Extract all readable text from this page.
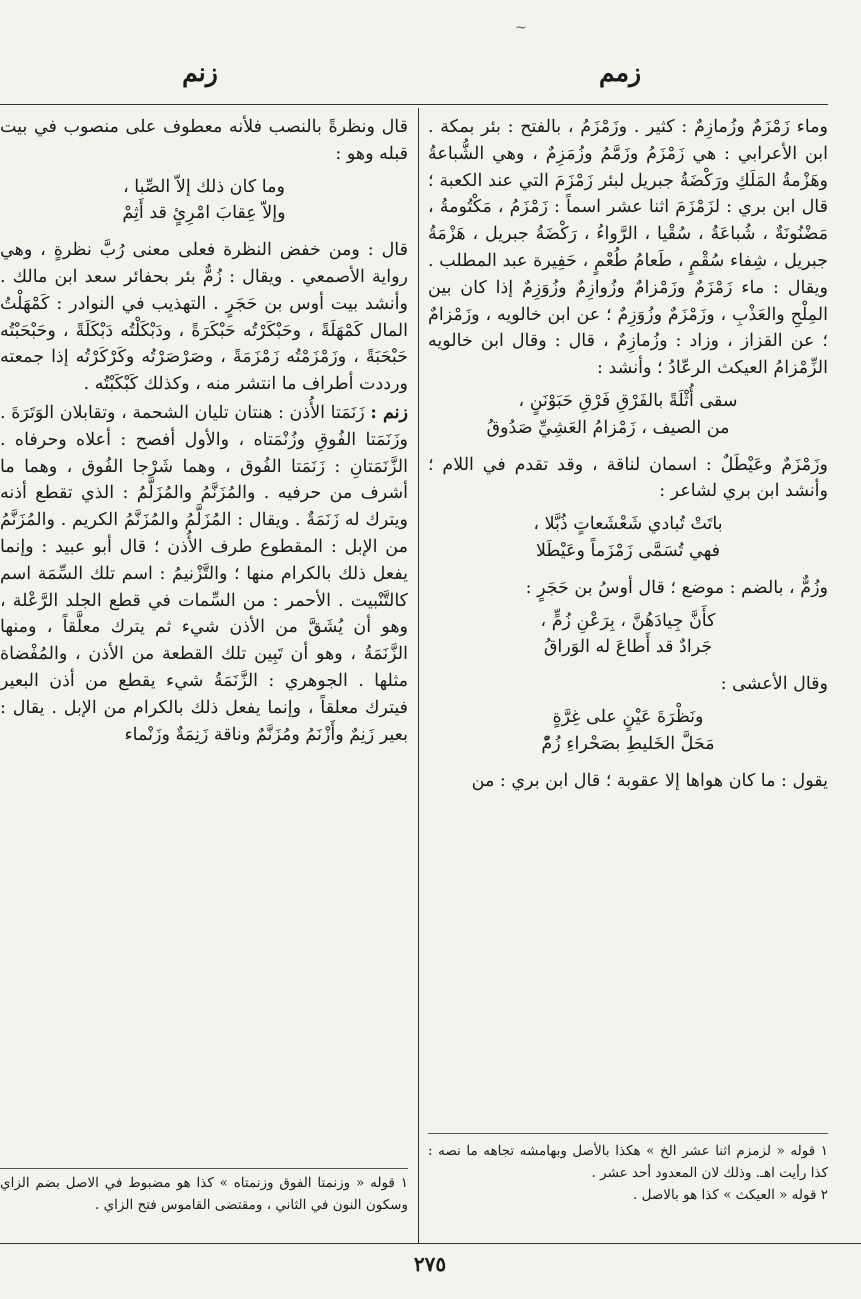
~
زمم
زنم

وماء زَمْزَمٌ وزُمازِمٌ : كثير . وزَمْزَمُ ، بالفتح : بئر بمكة . ابن الأعرابي : هي زَمْزَمُ وزَمَّمُ وزُمَزِمٌ ، وهي الشُّباعةُ وهَزْمةُ المَلَكِ ورَكْضَةُ جبريل لبئر زَمْزَمَ التي عند الكعبة ؛ قال ابن بري : لزَمْزَمَ اثنا عشر اسماً : زَمْزَمُ ، مَكْتُومةُ ، مَضْنُونَةٌ ، شُباعَةُ ، سُقْيا ، الرَّواءُ ، رَكْضَةُ جبريل ، هَزْمَةُ جبريل ، شِفاء سُقْمٍ ، طَعامُ طُعْمٍ ، حَفِيرة عبد المطلب . ويقال : ماء زَمْزَمٌ وزَمْزامٌ وزُوازِمٌ وزُوَزِمٌ إذا كان بين المِلْحِ والعَذْبِ ، وزَمْزَمٌ وزُوَزِمٌ ؛ عن ابن خالويه ، وزَمْزامٌ ؛ عن القزاز ، وزاد : وزُمازِمٌ ، قال : وقال ابن خالويه الزِّمْزامُ العيكث الرعّادُ ؛ وأنشد :

سقى أُثْلَةً بالفَرْقِ فَرْقِ حَبَوْنَنٍ ،
من الصيف ، زَمْزامُ العَشِيِّ صَدُوقُ

وزَمْزَمٌ وعَيْطَلٌ : اسمان لناقة ، وقد تقدم في اللام ؛ وأنشد ابن بري لشاعر :

باتَتْ تُبادي شَعْشَعاتٍ ذُبَّلا ،
فهي تُسَمَّى زَمْزَماً وعَيْطَلا

وزُمٌّ ، بالضم : موضع ؛ قال أوسُ بن حَجَرٍ :

كأَنَّ جِيادَهُنَّ ، بِرَعْنِ زُمٍّ ،
جَرادٌ قد أَطاعَ له الوَراقُ

وقال الأعشى :

ونَظْرَةَ عَيْنٍ على غِرَّةٍ
مَحَلَّ الخَليطِ بصَحْراءِ زُمّْ

يقول : ما كان هواها إلا عقوبة ؛ قال ابن بري : من

قال ونظرةً بالنصب فلأنه معطوف على منصوب في بيت قبله وهو :

وما كان ذلك إلاّ الصِّبا ،
وإلاّ عِقابَ امْرِئٍ قد أَثِمْ

قال : ومن خفض النظرة فعلى معنى رُبَّ نظرةٍ ، وهي رواية الأصمعي . ويقال : زُمٌّ بئر بحفائر سعد ابن مالك . وأنشد بيت أوس بن حَجَرٍ . التهذيب في النوادر : كَمْهَلْتُ المال كَمْهَلَةً ، وحَبْكَرْتُه حَبْكَرَةً ، ودَبْكَلْتُه دَبْكَلَةً ، وحَبْحَبْتُه حَبْحَبَةً ، وزَمْزَمْتُه زَمْزَمَةً ، وصَرْصَرْتُه وكَرْكَرْتُه إذا جمعته ورددت أطراف ما انتشر منه ، وكذلك كَبْكَبْتُه .

زنم : زَنَمَتا الأُذن : هنتان تليان الشحمة ، وتقابلان الوَتَرَةَ . وزَنَمَتا الفُوقِ وزُنْمَتاه ، والأول أفصح : أعلاه وحرفاه . الزَّنَمَتانِ : زَنَمَتا الفُوق ، وهما شَرْجا الفُوق ، وهما ما أشرف من حرفيه . والمُزَنَّمُ والمُزَلَّمُ : الذي تقطع أذنه ويترك له زَنَمَةٌ . ويقال : المُزَلَّمُ والمُزَنَّمُ الكريم . والمُزَنَّمُ من الإبل : المقطوع طرف الأُذن ؛ قال أبو عبيد : وإنما يفعل ذلك بالكرام منها ؛ والتَّزْنيمُ : اسم تلك السِّمَة اسم كالتَّنْبيت . الأحمر : من السِّمات في قطع الجلد الرَّعْلة ، وهو أن يُشَقَّ من الأذن شيء ثم يترك معلَّقاً ، ومنها الزَّنَمَةُ ، وهو أن تَبِين تلك القطعة من الأذن ، والمُفْضاة مثلها . الجوهري : الزَّنَمَةُ شيء يقطع من أذن البعير فيترك معلقاً ، وإنما يفعل ذلك بالكرام من الإبل . يقال : بعير زَنِمٌ وأَزْنَمُ ومُزَنَّمٌ وناقة زَنِمَةٌ وزَنْماء

١ قوله « لزمزم اثنا عشر الخ » هكذا بالأصل وبهامشه تجاهه ما نصه : كذا رأيت اهـ. وذلك لان المعدود أحد عشر .
٢ قوله « العيكث » كذا هو بالاصل .
١ قوله « وزنمتا الفوق وزنمتاه » كذا هو مضبوط في الاصل بضم الزاي وسكون النون في الثاني ، ومقتضى القاموس فتح الزاي .
٢٧٥
